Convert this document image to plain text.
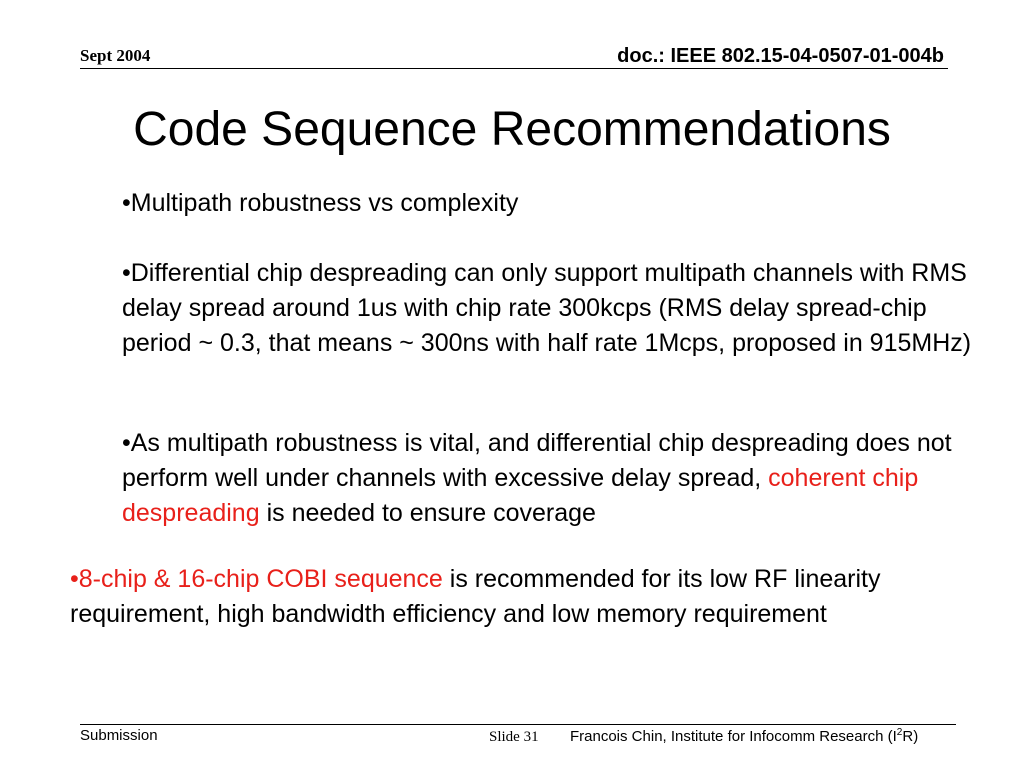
Sept 2004	doc.: IEEE 802.15-04-0507-01-004b
Code Sequence Recommendations

•Multipath robustness vs complexity

•Differential chip despreading can only support multipath channels with RMS delay spread around 1us with chip rate 300kcps (RMS delay spread-chip period ~ 0.3, that means ~ 300ns with half rate 1Mcps, proposed in 915MHz)

•As multipath robustness is vital, and differential chip despreading does not perform well under channels with excessive delay spread, coherent chip despreading is needed to ensure coverage

•8-chip & 16-chip COBI sequence is recommended for its low RF linearity requirement, high bandwidth efficiency and low memory requirement

Submission	Slide 31 Francois Chin, Institute for Infocomm Research $(I^2R)$
